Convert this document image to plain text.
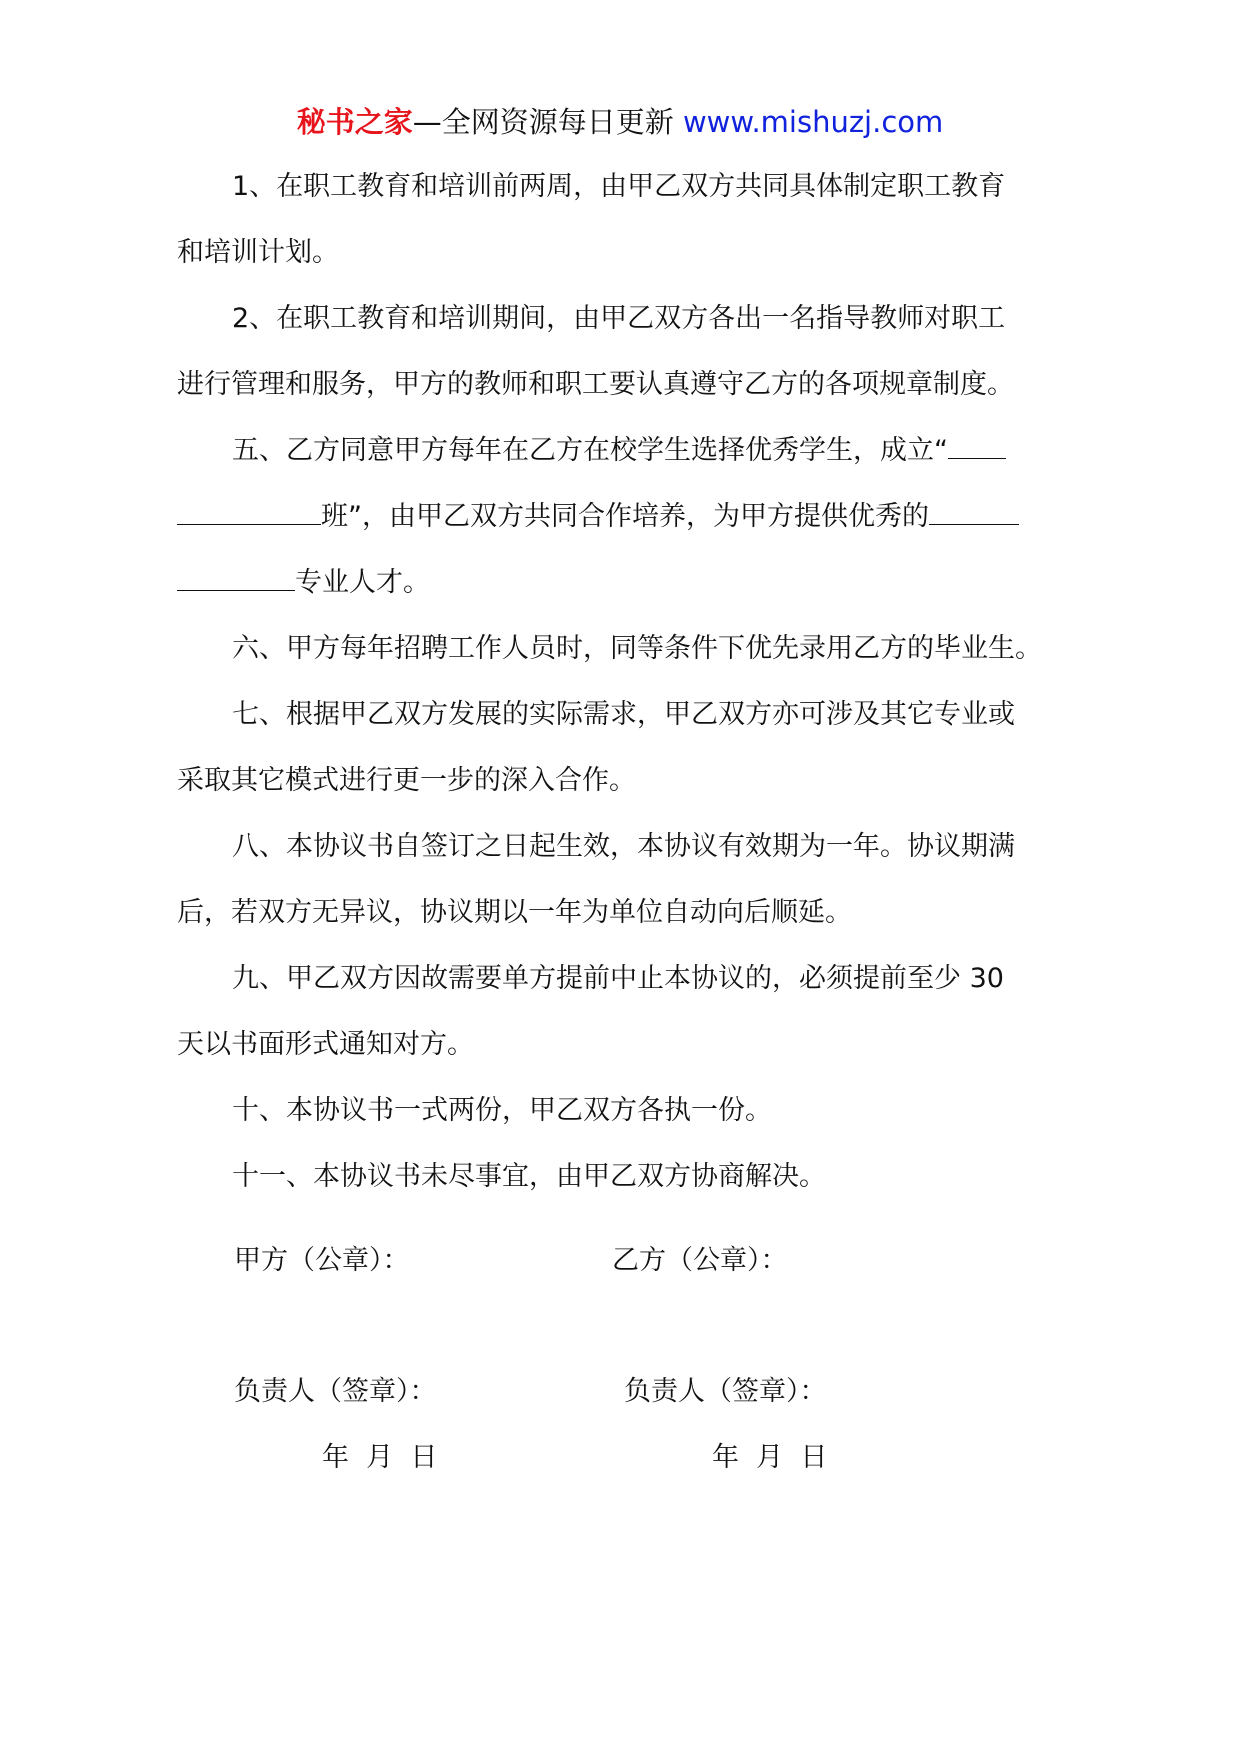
秘书之家—全网资源每日更新 www.mishuzj.com
1、在职工教育和培训前两周，由甲乙双方共同具体制定职工教育
和培训计划。
2、在职工教育和培训期间，由甲乙双方各出一名指导教师对职工
进行管理和服务，甲方的教师和职工要认真遵守乙方的各项规章制度。
五、乙方同意甲方每年在乙方在校学生选择优秀学生，成立“
班”，由甲乙双方共同合作培养，为甲方提供优秀的
专业人才。
六、甲方每年招聘工作人员时，同等条件下优先录用乙方的毕业生。
七、根据甲乙双方发展的实际需求，甲乙双方亦可涉及其它专业或
采取其它模式进行更一步的深入合作。
八、本协议书自签订之日起生效，本协议有效期为一年。协议期满
后，若双方无异议，协议期以一年为单位自动向后顺延。
九、甲乙双方因故需要单方提前中止本协议的，必须提前至少 30
天以书面形式通知对方。
十、本协议书一式两份，甲乙双方各执一份。
十一、本协议书未尽事宜，由甲乙双方协商解决。
甲方（公章）：	乙方（公章）：
负责人（签章）：	负责人（签章）：
年  月  日	年  月  日
